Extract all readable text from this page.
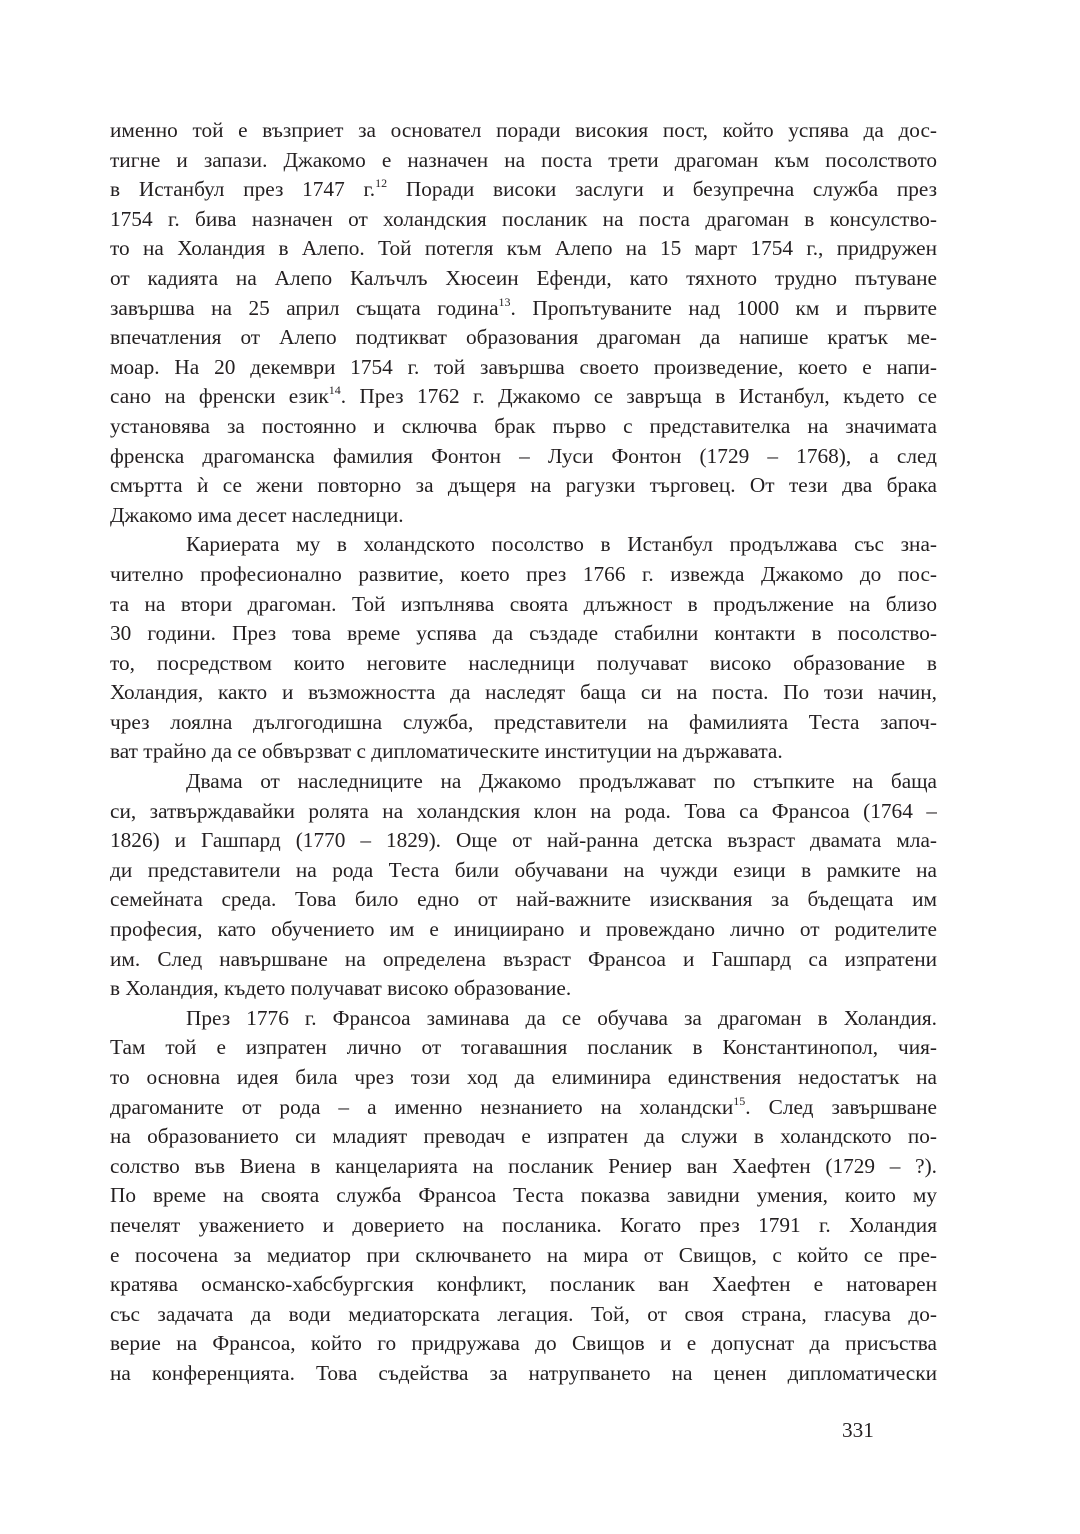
именно той е възприет за основател поради високия пост, който успява да дос-
тигне и запази. Джакомо е назначен на поста трети драгоман към посолството
в Истанбул през 1747 г.$^{12}$ Поради високи заслуги и безупречна служба през
1754 г. бива назначен от холандския посланик на поста драгоман в консулство-
то на Холандия в Алепо. Той потегля към Алепо на 15 март 1754 г., придружен
от кадията на Алепо Калъчлъ Хюсеин Ефенди, като тяхното трудно пътуване
завършва на 25 април същата година$^{13}$. Пропътуваните над 1000 км и първите
впечатления от Алепо подтикват образования драгоман да напише кратък ме-
моар. На 20 декември 1754 г. той завършва своето произведение, което е напи-
сано на френски език$^{14}$. През 1762 г. Джакомо се завръща в Истанбул, където се
установява за постоянно и сключва брак първо с представителка на значимата
френска драгоманска фамилия Фонтон – Луси Фонтон (1729 – 1768), а след
смъртта ѝ се жени повторно за дъщеря на рагузки търговец. От тези два брака
Джакомо има десет наследници.
Кариерата му в холандското посолство в Истанбул продължава със зна-
чително професионално развитие, което през 1766 г. извежда Джакомо до пос-
та на втори драгоман. Той изпълнява своята длъжност в продължение на близо
30 години. През това време успява да създаде стабилни контакти в посолство-
то, посредством които неговите наследници получават високо образование в
Холандия, както и възможността да наследят баща си на поста. По този начин,
чрез лоялна дългогодишна служба, представители на фамилията Теста започ-
ват трайно да се обвързват с дипломатическите институции на държавата.
Двама от наследниците на Джакомо продължават по стъпките на баща
си, затвърждавайки ролята на холандския клон на рода. Това са Франсоа (1764 –
1826) и Гашпард (1770 – 1829). Още от най-ранна детска възраст двамата мла-
ди представители на рода Теста били обучавани на чужди езици в рамките на
семейната среда. Това било едно от най-важните изисквания за бъдещата им
професия, като обучението им е инициирано и провеждано лично от родителите
им. След навършване на определена възраст Франсоа и Гашпард са изпратени
в Холандия, където получават високо образование.
През 1776 г. Франсоа заминава да се обучава за драгоман в Холандия.
Там той е изпратен лично от тогавашния посланик в Константинопол, чия-
то основна идея била чрез този ход да елиминира единствения недостатък на
драгоманите от рода – а именно незнанието на холандски$^{15}$. След завършване
на образованието си младият преводач е изпратен да служи в холандското по-
солство във Виена в канцеларията на посланик Рениер ван Хаефтен (1729 – ?).
По време на своята служба Франсоа Теста показва завидни умения, които му
печелят уважението и доверието на посланика. Когато през 1791 г. Холандия
е посочена за медиатор при сключването на мира от Свищов, с който се пре-
кратява османско-хабсбургския конфликт, посланик ван Хаефтен е натоварен
със задачата да води медиаторската легация. Той, от своя страна, гласува до-
верие на Франсоа, който го придружава до Свищов и е допуснат да присъства
на конференцията. Това съдейства за натрупването на ценен дипломатически
331
